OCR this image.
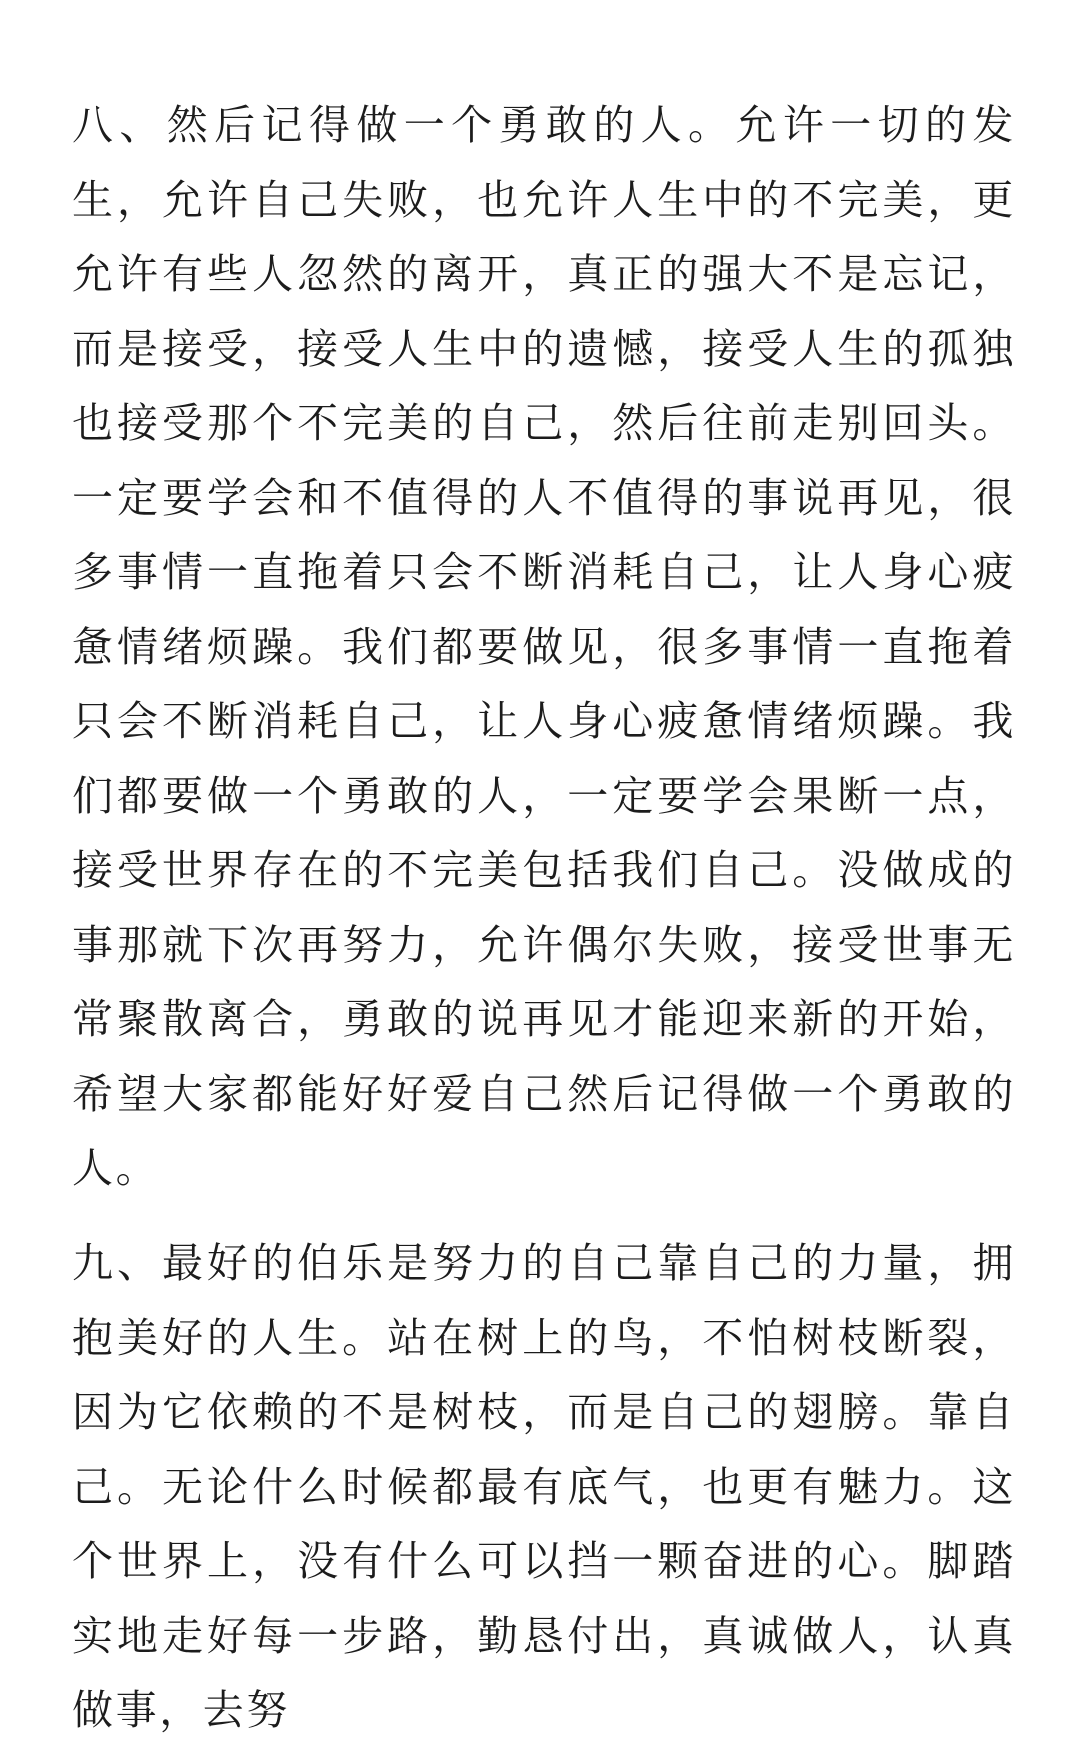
八、然后记得做一个勇敢的人。允许一切的发生，允许自己失败，也允许人生中的不完美，更允许有些人忽然的离开，真正的强大不是忘记，而是接受，接受人生中的遗憾，接受人生的孤独也接受那个不完美的自己，然后往前走别回头。一定要学会和不值得的人不值得的事说再见，很多事情一直拖着只会不断消耗自己，让人身心疲惫情绪烦躁。我们都要做见，很多事情一直拖着只会不断消耗自己，让人身心疲惫情绪烦躁。我们都要做一个勇敢的人，一定要学会果断一点，接受世界存在的不完美包括我们自己。没做成的事那就下次再努力，允许偶尔失败，接受世事无常聚散离合，勇敢的说再见才能迎来新的开始，希望大家都能好好爱自己然后记得做一个勇敢的人。

九、最好的伯乐是努力的自己靠自己的力量，拥抱美好的人生。站在树上的鸟，不怕树枝断裂，因为它依赖的不是树枝，而是自己的翅膀。靠自己。无论什么时候都最有底气，也更有魅力。这个世界上，没有什么可以挡一颗奋进的心。脚踏实地走好每一步路，勤恳付出，真诚做人，认真做事，去努
